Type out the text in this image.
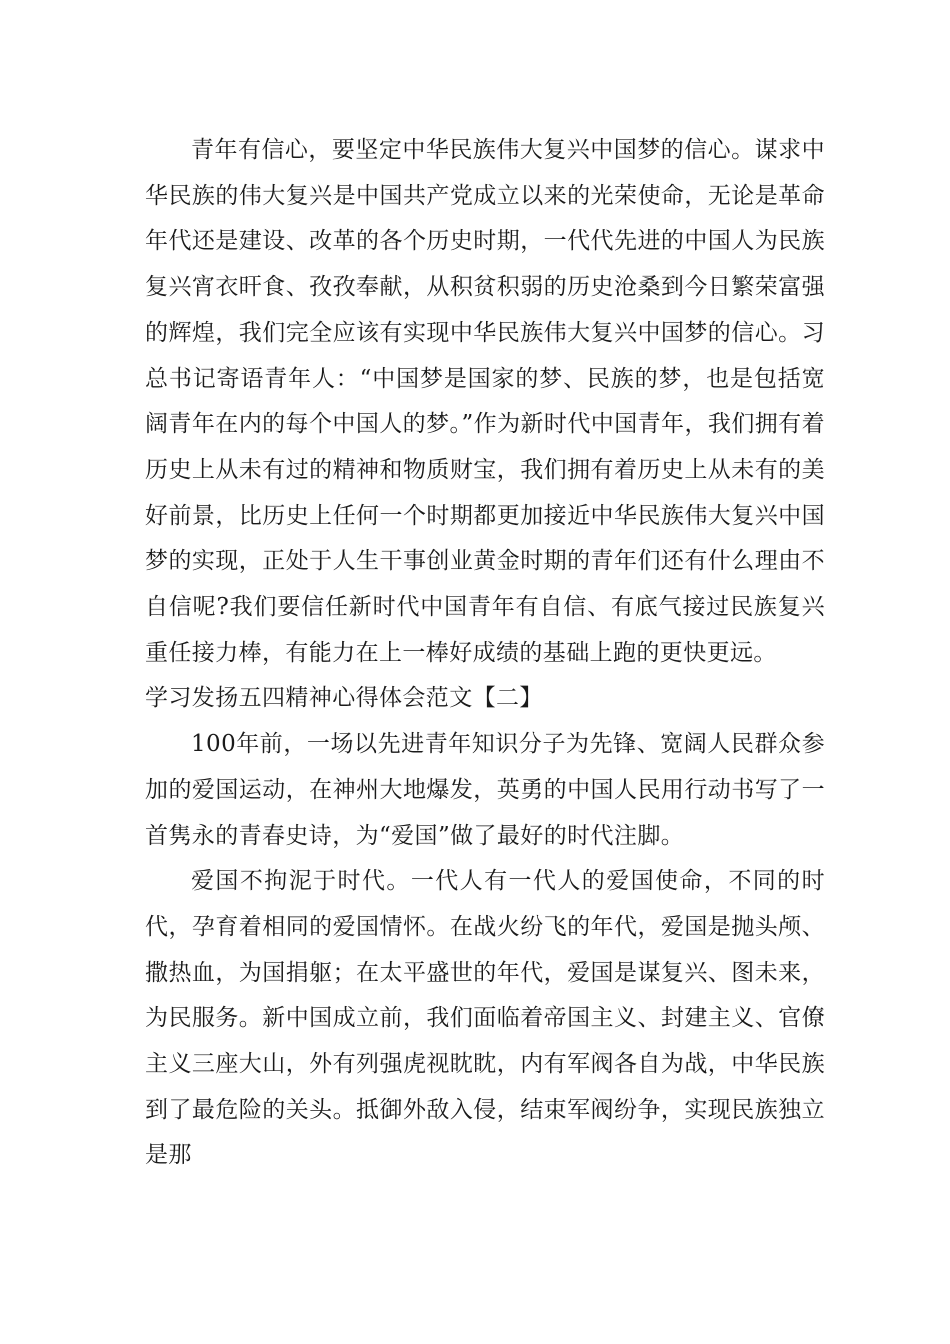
青年有信心，要坚定中华民族伟大复兴中国梦的信心。谋求中华民族的伟大复兴是中国共产党成立以来的光荣使命，无论是革命年代还是建设、改革的各个历史时期，一代代先进的中国人为民族复兴宵衣旰食、孜孜奉献，从积贫积弱的历史沧桑到今日繁荣富强的辉煌，我们完全应该有实现中华民族伟大复兴中国梦的信心。习总书记寄语青年人：“中国梦是国家的梦、民族的梦，也是包括宽阔青年在内的每个中国人的梦。”作为新时代中国青年，我们拥有着历史上从未有过的精神和物质财宝，我们拥有着历史上从未有的美好前景，比历史上任何一个时期都更加接近中华民族伟大复兴中国梦的实现，正处于人生干事创业黄金时期的青年们还有什么理由不自信呢?我们要信任新时代中国青年有自信、有底气接过民族复兴重任接力棒，有能力在上一棒好成绩的基础上跑的更快更远。

学习发扬五四精神心得体会范文【二】

100年前，一场以先进青年知识分子为先锋、宽阔人民群众参加的爱国运动，在神州大地爆发，英勇的中国人民用行动书写了一首隽永的青春史诗，为“爱国”做了最好的时代注脚。

爱国不拘泥于时代。一代人有一代人的爱国使命，不同的时代，孕育着相同的爱国情怀。在战火纷飞的年代，爱国是抛头颅、撒热血，为国捐躯；在太平盛世的年代，爱国是谋复兴、图未来，为民服务。新中国成立前，我们面临着帝国主义、封建主义、官僚主义三座大山，外有列强虎视眈眈，内有军阀各自为战，中华民族到了最危险的关头。抵御外敌入侵，结束军阀纷争，实现民族独立是那
